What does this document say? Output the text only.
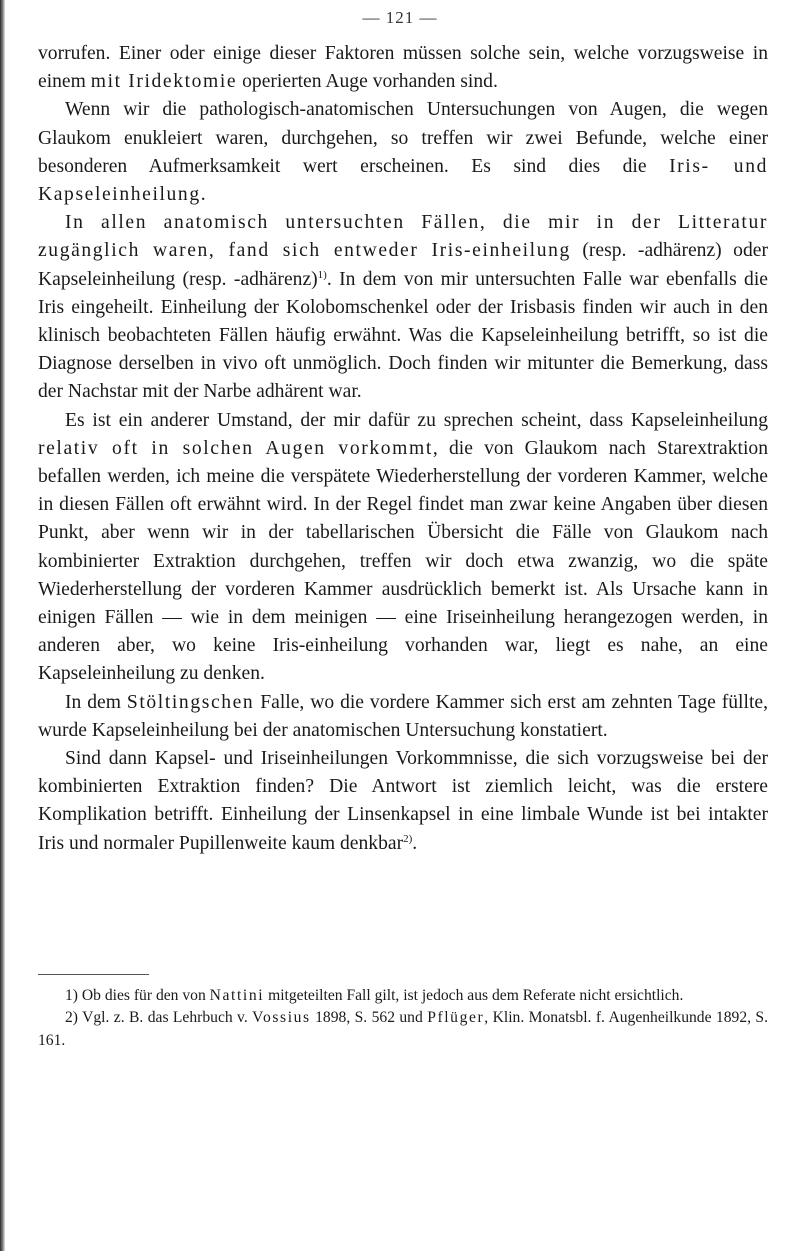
— 121 —

vorrufen. Einer oder einige dieser Faktoren müssen solche sein, welche vorzugsweise in einem mit Iridektomie operierten Auge vorhanden sind.

Wenn wir die pathologisch-anatomischen Untersuchungen von Augen, die wegen Glaukom enukleiert waren, durchgehen, so treffen wir zwei Befunde, welche einer besonderen Aufmerksamkeit wert erscheinen. Es sind dies die Iris- und Kapseleinheilung.

In allen anatomisch untersuchten Fällen, die mir in der Litteratur zugänglich waren, fand sich entweder Iris-einheilung (resp. -adhärenz) oder Kapseleinheilung (resp. -adhärenz)$^{1)}$. In dem von mir untersuchten Falle war ebenfalls die Iris eingeheilt. Einheilung der Kolobomschenkel oder der Irisbasis finden wir auch in den klinisch beobachteten Fällen häufig erwähnt. Was die Kapseleinheilung betrifft, so ist die Diagnose derselben in vivo oft unmöglich. Doch finden wir mitunter die Bemerkung, dass der Nachstar mit der Narbe adhärent war.

Es ist ein anderer Umstand, der mir dafür zu sprechen scheint, dass Kapseleinheilung relativ oft in solchen Augen vorkommt, die von Glaukom nach Starextraktion befallen werden, ich meine die verspätete Wiederherstellung der vorderen Kammer, welche in diesen Fällen oft erwähnt wird. In der Regel findet man zwar keine Angaben über diesen Punkt, aber wenn wir in der tabellarischen Übersicht die Fälle von Glaukom nach kombinierter Extraktion durchgehen, treffen wir doch etwa zwanzig, wo die späte Wiederherstellung der vorderen Kammer ausdrücklich bemerkt ist. Als Ursache kann in einigen Fällen — wie in dem meinigen — eine Iriseinheilung herangezogen werden, in anderen aber, wo keine Iris-einheilung vorhanden war, liegt es nahe, an eine Kapseleinheilung zu denken.

In dem Stöltingschen Falle, wo die vordere Kammer sich erst am zehnten Tage füllte, wurde Kapseleinheilung bei der anatomischen Untersuchung konstatiert.

Sind dann Kapsel- und Iriseinheilungen Vorkommnisse, die sich vorzugsweise bei der kombinierten Extraktion finden? Die Antwort ist ziemlich leicht, was die erstere Komplikation betrifft. Einheilung der Linsenkapsel in eine limbale Wunde ist bei intakter Iris und normaler Pupillenweite kaum denkbar$^{2)}$.

1) Ob dies für den von Nattini mitgeteilten Fall gilt, ist jedoch aus dem Referate nicht ersichtlich.

2) Vgl. z. B. das Lehrbuch v. Vossius 1898, S. 562 und Pflüger, Klin. Monatsbl. f. Augenheilkunde 1892, S. 161.
